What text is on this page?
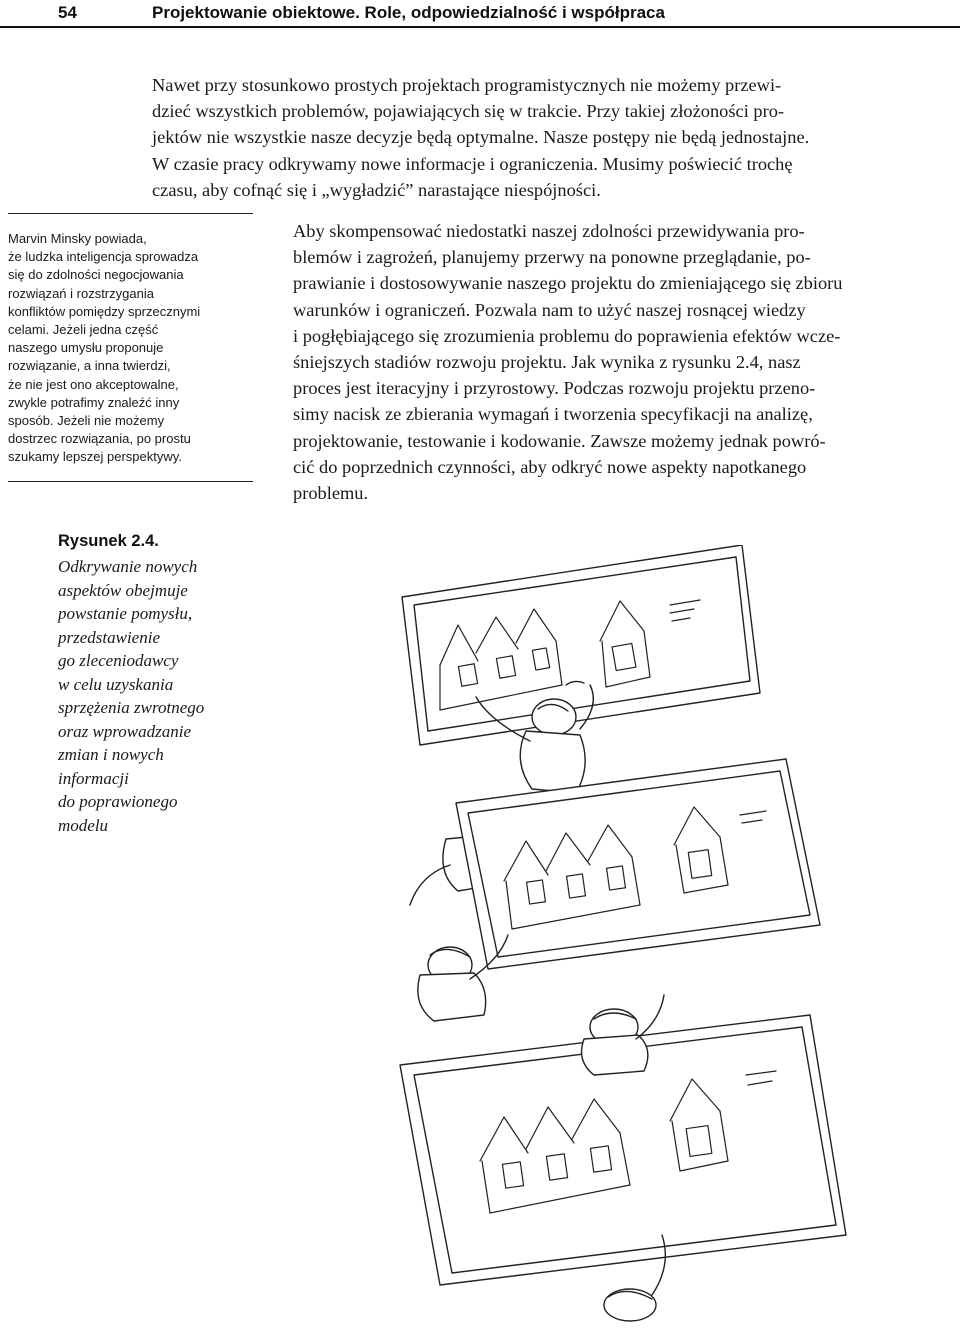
54	Projektowanie obiektowe. Role, odpowiedzialność i współpraca
Nawet przy stosunkowo prostych projektach programistycznych nie możemy przewi-
dzieć wszystkich problemów, pojawiających się w trakcie. Przy takiej złożoności pro-
jektów nie wszystkie nasze decyzje będą optymalne. Nasze postępy nie będą jednostajne.
W czasie pracy odkrywamy nowe informacje i ograniczenia. Musimy poświecić trochę
czasu, aby cofnąć się i „wygładzić” narastające niespójności.
Marvin Minsky powiada,
że ludzka inteligencja sprowadza
się do zdolności negocjowania
rozwiązań i rozstrzygania
konfliktów pomiędzy sprzecznymi
celami. Jeżeli jedna część
naszego umysłu proponuje
rozwiązanie, a inna twierdzi,
że nie jest ono akceptowalne,
zwykle potrafimy znaleźć inny
sposób. Jeżeli nie możemy
dostrzec rozwiązania, po prostu
szukamy lepszej perspektywy.
Aby skompensować niedostatki naszej zdolności przewidywania pro-
blemów i zagrożeń, planujemy przerwy na ponowne przeglądanie, po-
prawianie i dostosowywanie naszego projektu do zmieniającego się zbioru
warunków i ograniczeń. Pozwala nam to użyć naszej rosnącej wiedzy
i pogłębiającego się zrozumienia problemu do poprawienia efektów wcze-
śniejszych stadiów rozwoju projektu. Jak wynika z rysunku 2.4, nasz
proces jest iteracyjny i przyrostowy. Podczas rozwoju projektu przeno-
simy nacisk ze zbierania wymagań i tworzenia specyfikacji na analizę,
projektowanie, testowanie i kodowanie. Zawsze możemy jednak powró-
cić do poprzednich czynności, aby odkryć nowe aspekty napotkanego
problemu.
Rysunek 2.4.
Odkrywanie nowych
aspektów obejmuje
powstanie pomysłu,
przedstawienie
go zleceniodawcy
w celu uzyskania
sprzężenia zwrotnego
oraz wprowadzanie
zmian i nowych
informacji
do poprawionego
modelu
